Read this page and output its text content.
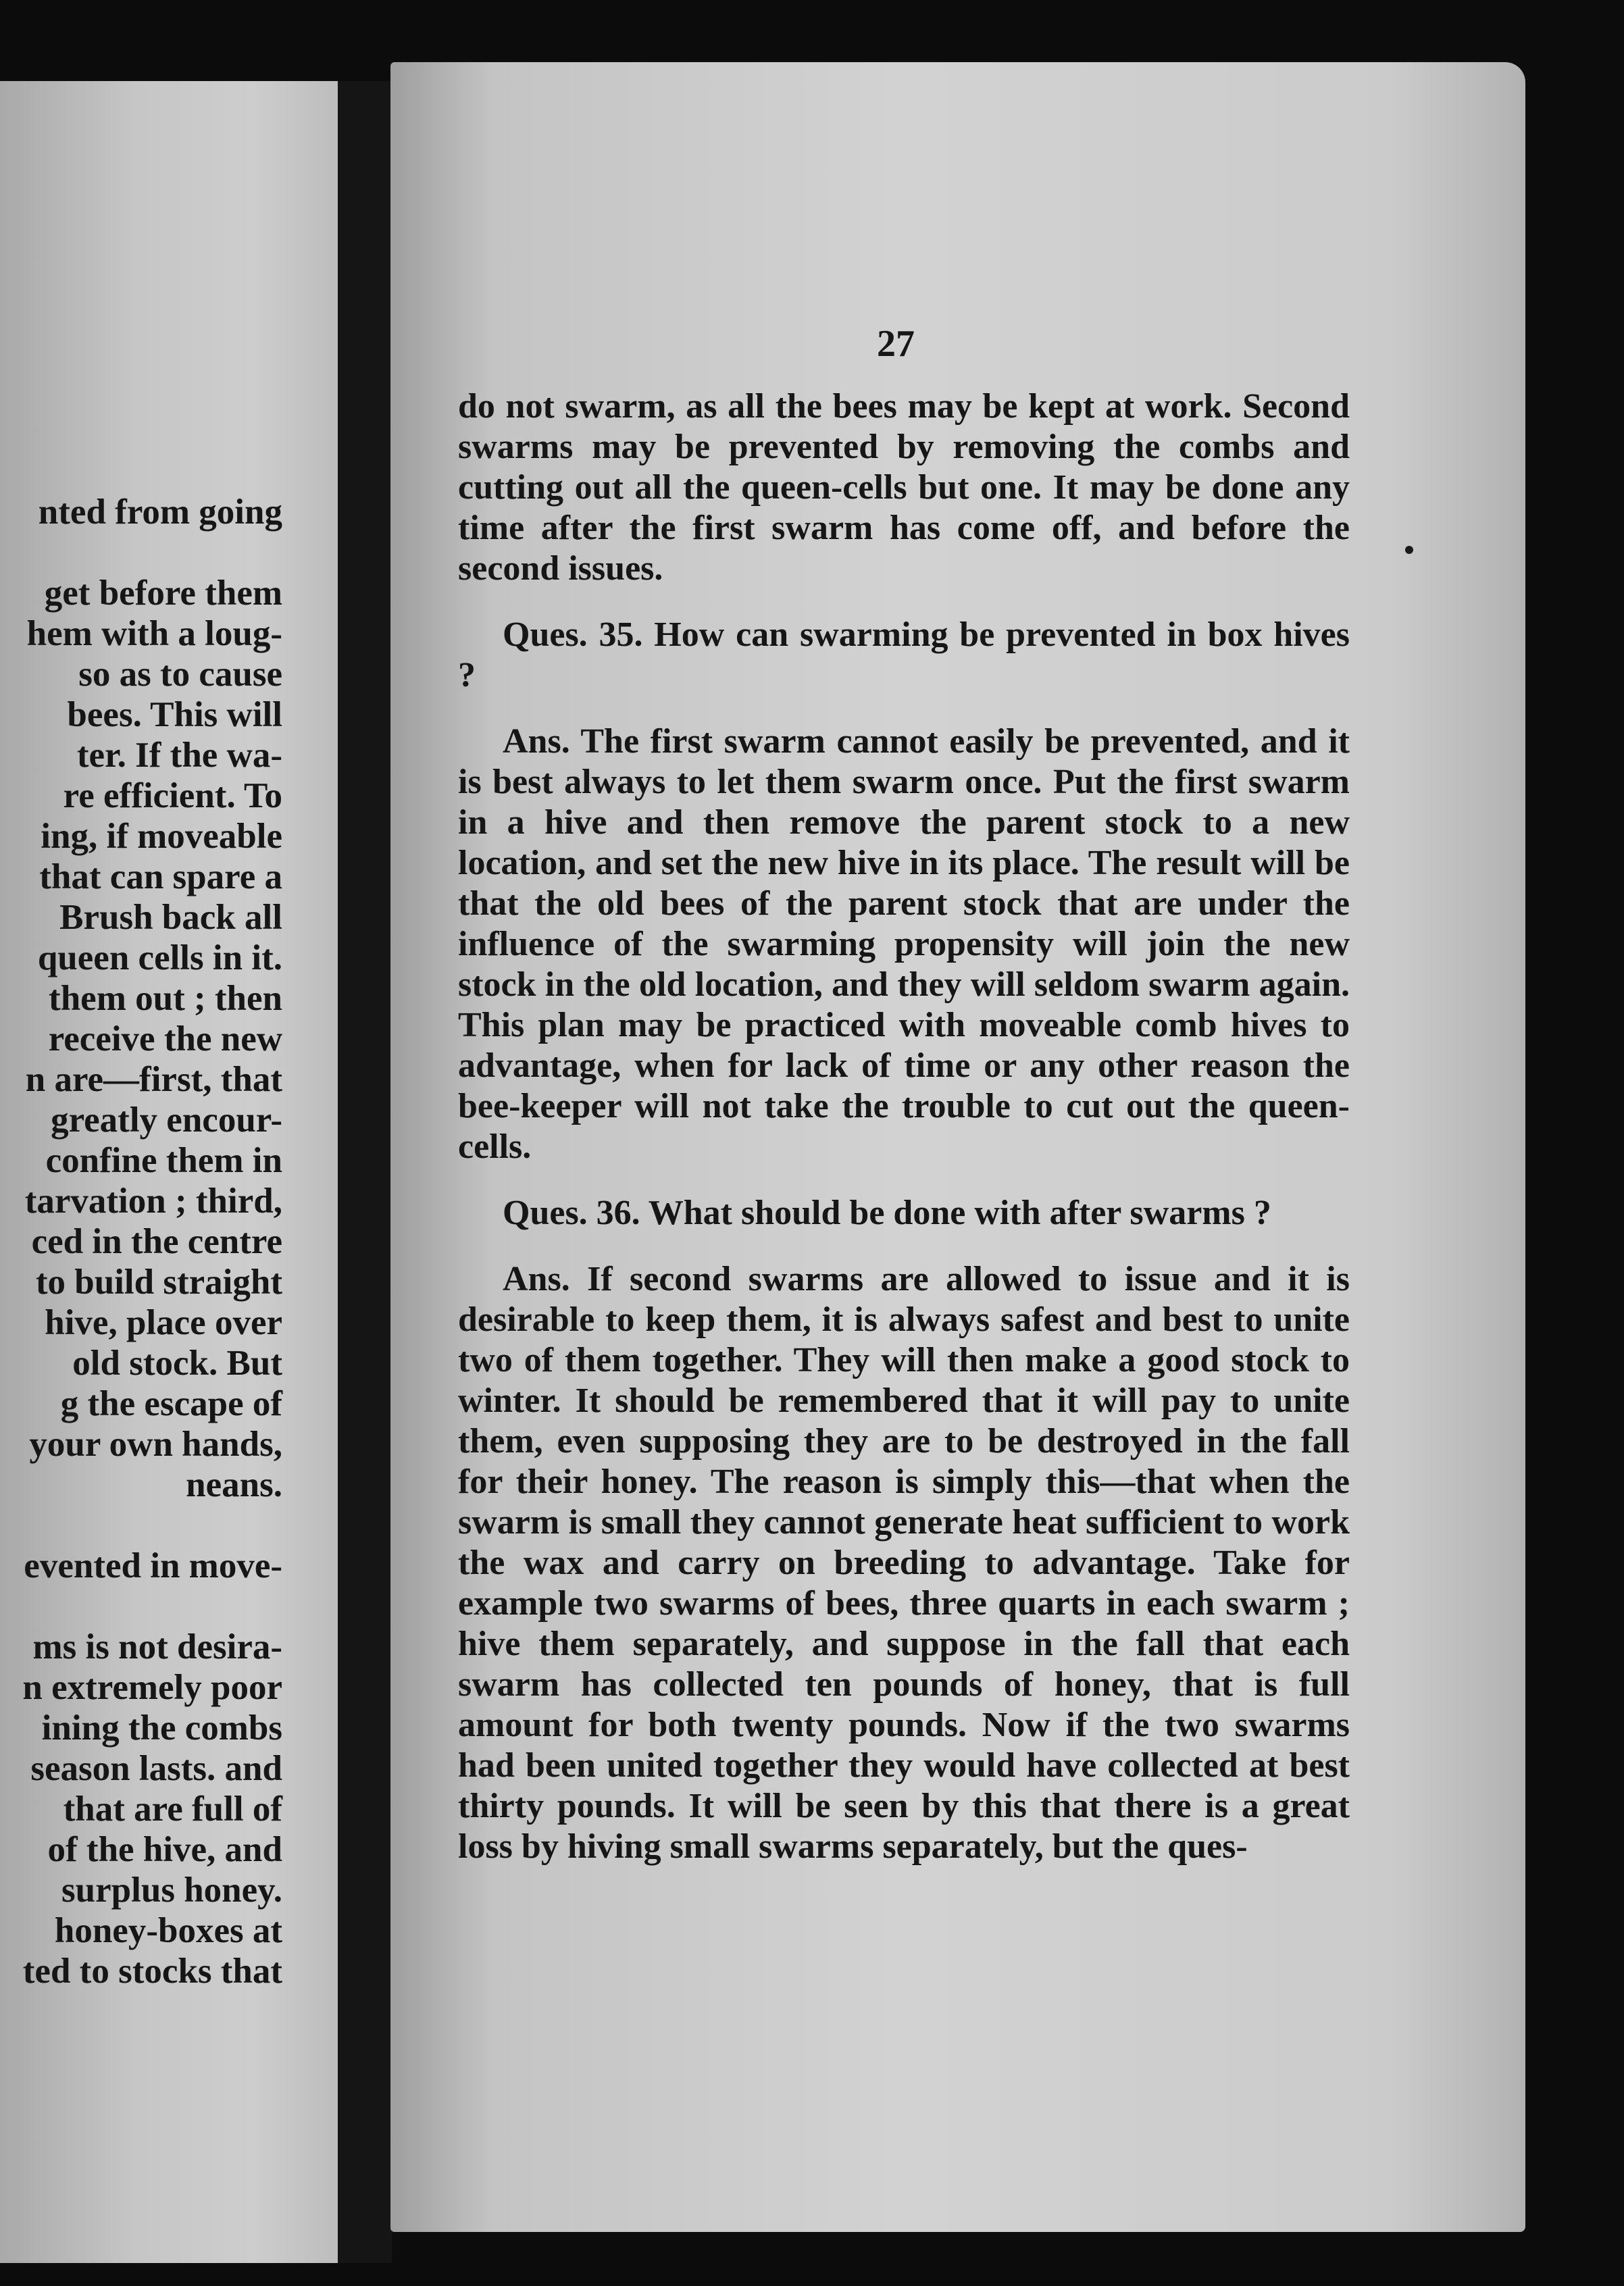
nted from going
get before them
hem with a loug-
so as to cause
bees. This will
ter. If the wa-
re efficient. To
ing, if moveable
that can spare a
Brush back all
queen cells in it.
them out ; then
receive the new
n are—first, that
greatly encour-
confine them in
tarvation ; third,
ced in the centre
to build straight
hive, place over
old stock. But
g the escape of
your own hands,
neans.
evented in move-
ms is not desira-
n extremely poor
ining the combs
season lasts. and
that are full of
of the hive, and
surplus honey.
honey-boxes at
ted to stocks that
27

do not swarm, as all the bees may be kept at work. Second swarms may be prevented by removing the combs and cutting out all the queen-cells but one. It may be done any time after the first swarm has come off, and before the second issues.

Ques. 35. How can swarming be prevented in box hives ?

Ans. The first swarm cannot easily be prevented, and it is best always to let them swarm once. Put the first swarm in a hive and then remove the parent stock to a new location, and set the new hive in its place. The result will be that the old bees of the parent stock that are under the influence of the swarming propensity will join the new stock in the old location, and they will seldom swarm again. This plan may be practiced with moveable comb hives to advantage, when for lack of time or any other reason the bee-keeper will not take the trouble to cut out the queen-cells.

Ques. 36. What should be done with after swarms ?

Ans. If second swarms are allowed to issue and it is desirable to keep them, it is always safest and best to unite two of them together. They will then make a good stock to winter. It should be remembered that it will pay to unite them, even supposing they are to be destroyed in the fall for their honey. The reason is simply this—that when the swarm is small they cannot generate heat sufficient to work the wax and carry on breeding to advantage. Take for example two swarms of bees, three quarts in each swarm ; hive them separately, and suppose in the fall that each swarm has collected ten pounds of honey, that is full amount for both twenty pounds. Now if the two swarms had been united together they would have collected at best thirty pounds. It will be seen by this that there is a great loss by hiving small swarms separately, but the ques-
